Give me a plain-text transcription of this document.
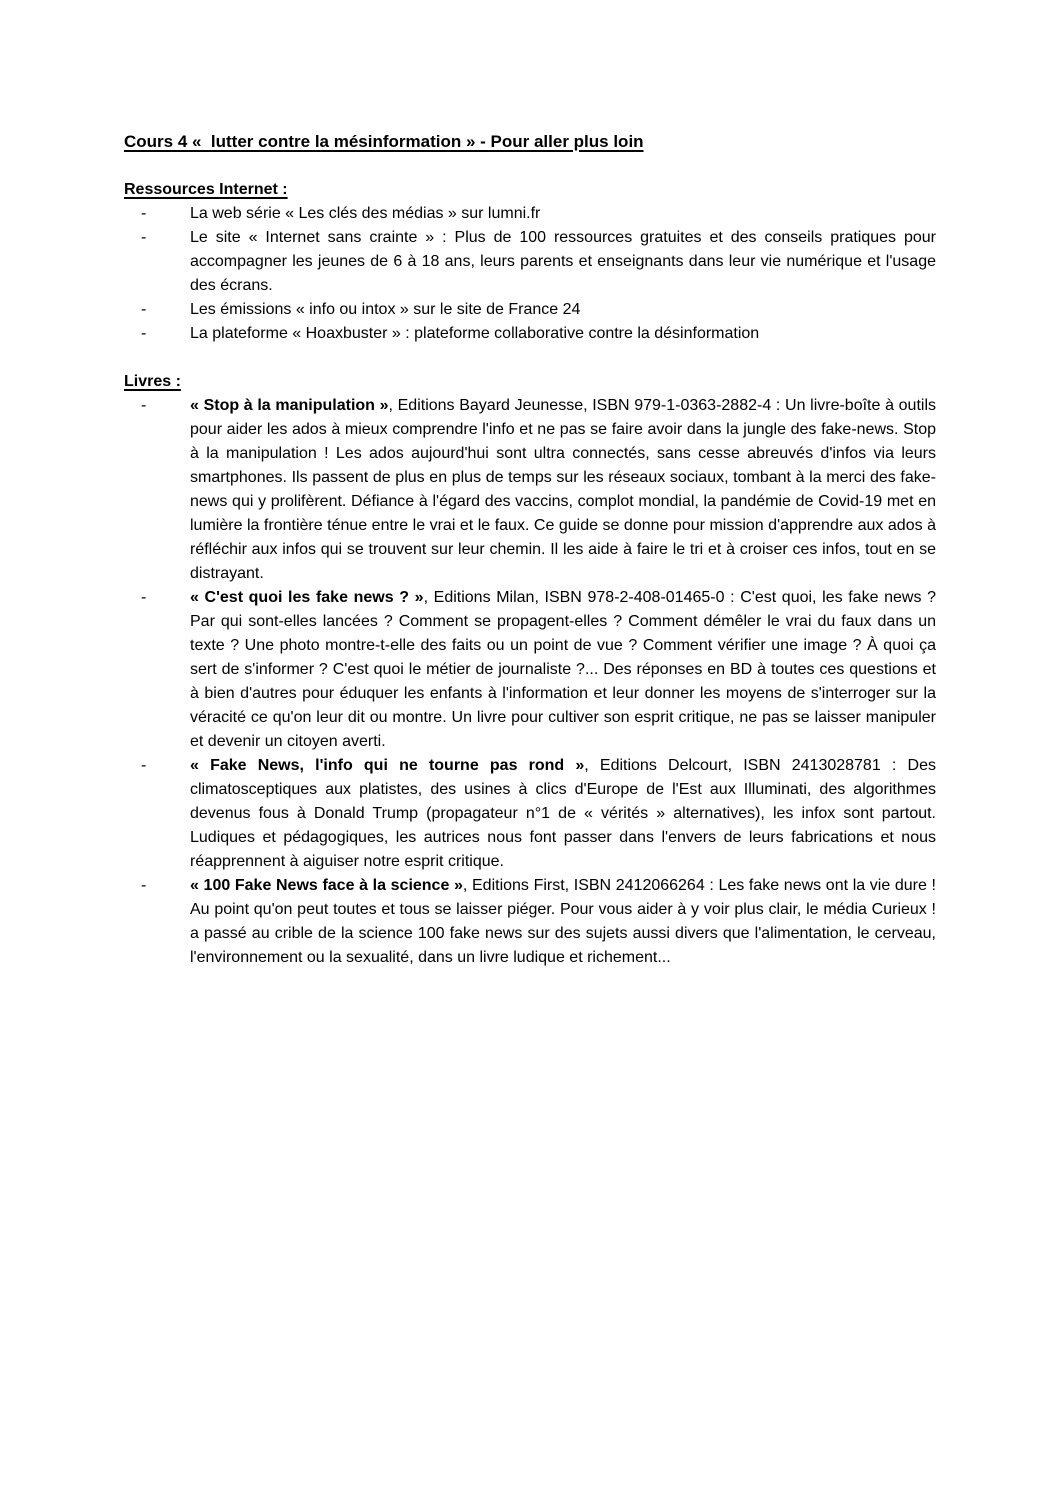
Cours 4 «  lutter contre la mésinformation » - Pour aller plus loin
Ressources Internet :
-	La web série « Les clés des médias » sur lumni.fr
-	Le site « Internet sans crainte » : Plus de 100 ressources gratuites et des conseils pratiques pour accompagner les jeunes de 6 à 18 ans, leurs parents et enseignants dans leur vie numérique et l'usage des écrans.
-	Les émissions « info ou intox » sur le site de France 24
-	La plateforme « Hoaxbuster » : plateforme collaborative contre la désinformation
Livres :
-	« Stop à la manipulation », Editions Bayard Jeunesse, ISBN 979-1-0363-2882-4 : Un livre-boîte à outils pour aider les ados à mieux comprendre l'info et ne pas se faire avoir dans la jungle des fake-news. Stop à la manipulation ! Les ados aujourd'hui sont ultra connectés, sans cesse abreuvés d'infos via leurs smartphones. Ils passent de plus en plus de temps sur les réseaux sociaux, tombant à la merci des fake-news qui y prolifèrent. Défiance à l'égard des vaccins, complot mondial, la pandémie de Covid-19 met en lumière la frontière ténue entre le vrai et le faux. Ce guide se donne pour mission d'apprendre aux ados à réfléchir aux infos qui se trouvent sur leur chemin. Il les aide à faire le tri et à croiser ces infos, tout en se distrayant.
-	« C'est quoi les fake news ? », Editions Milan, ISBN 978-2-408-01465-0 : C'est quoi, les fake news ? Par qui sont-elles lancées ? Comment se propagent-elles ? Comment démêler le vrai du faux dans un texte ? Une photo montre-t-elle des faits ou un point de vue ? Comment vérifier une image ? À quoi ça sert de s'informer ? C'est quoi le métier de journaliste ?... Des réponses en BD à toutes ces questions et à bien d'autres pour éduquer les enfants à l'information et leur donner les moyens de s'interroger sur la véracité ce qu'on leur dit ou montre. Un livre pour cultiver son esprit critique, ne pas se laisser manipuler et devenir un citoyen averti.
-	« Fake News, l'info qui ne tourne pas rond », Editions Delcourt, ISBN 2413028781 : Des climatosceptiques aux platistes, des usines à clics d'Europe de l'Est aux Illuminati, des algorithmes devenus fous à Donald Trump (propagateur n°1 de « vérités » alternatives), les infox sont partout. Ludiques et pédagogiques, les autrices nous font passer dans l'envers de leurs fabrications et nous réapprennent à aiguiser notre esprit critique.
-	« 100 Fake News face à la science », Editions First, ISBN 2412066264 : Les fake news ont la vie dure ! Au point qu'on peut toutes et tous se laisser piéger. Pour vous aider à y voir plus clair, le média Curieux ! a passé au crible de la science 100 fake news sur des sujets aussi divers que l'alimentation, le cerveau, l'environnement ou la sexualité, dans un livre ludique et richement...
